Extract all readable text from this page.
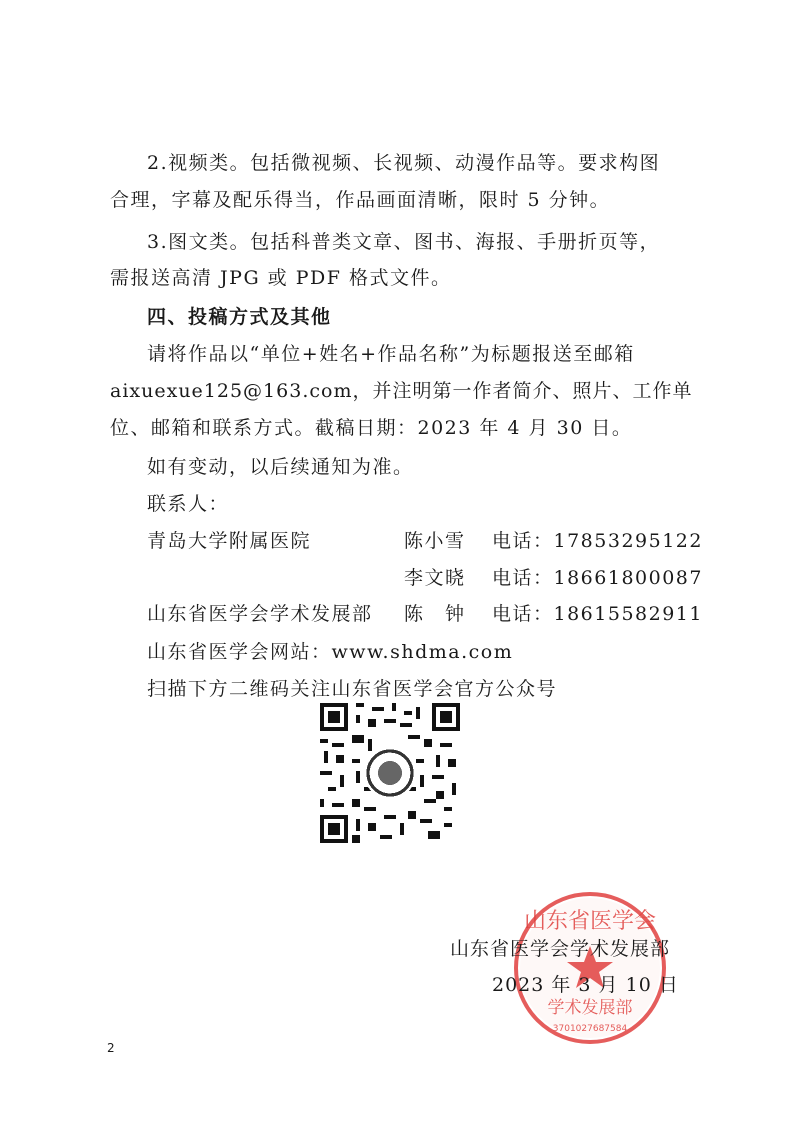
2.视频类。包括微视频、长视频、动漫作品等。要求构图
合理，字幕及配乐得当，作品画面清晰，限时 5 分钟。
3.图文类。包括科普类文章、图书、海报、手册折页等，
需报送高清 JPG 或 PDF 格式文件。
四、投稿方式及其他
请将作品以“单位+姓名+作品名称”为标题报送至邮箱
aixuexue125@163.com，并注明第一作者简介、照片、工作单
位、邮箱和联系方式。截稿日期：2023 年 4 月 30 日。
如有变动，以后续通知为准。
联系人：
青岛大学附属医院	陈小雪 电话：17853295122
李文晓 电话：18661800087
山东省医学会学术发展部 陈　钟 电话：18615582911
山东省医学会网站：www.shdma.com
扫描下方二维码关注山东省医学会官方公众号
山东省医学会
学术发展部
3701027687584
山东省医学会学术发展部
2023 年 3 月 10 日
2
